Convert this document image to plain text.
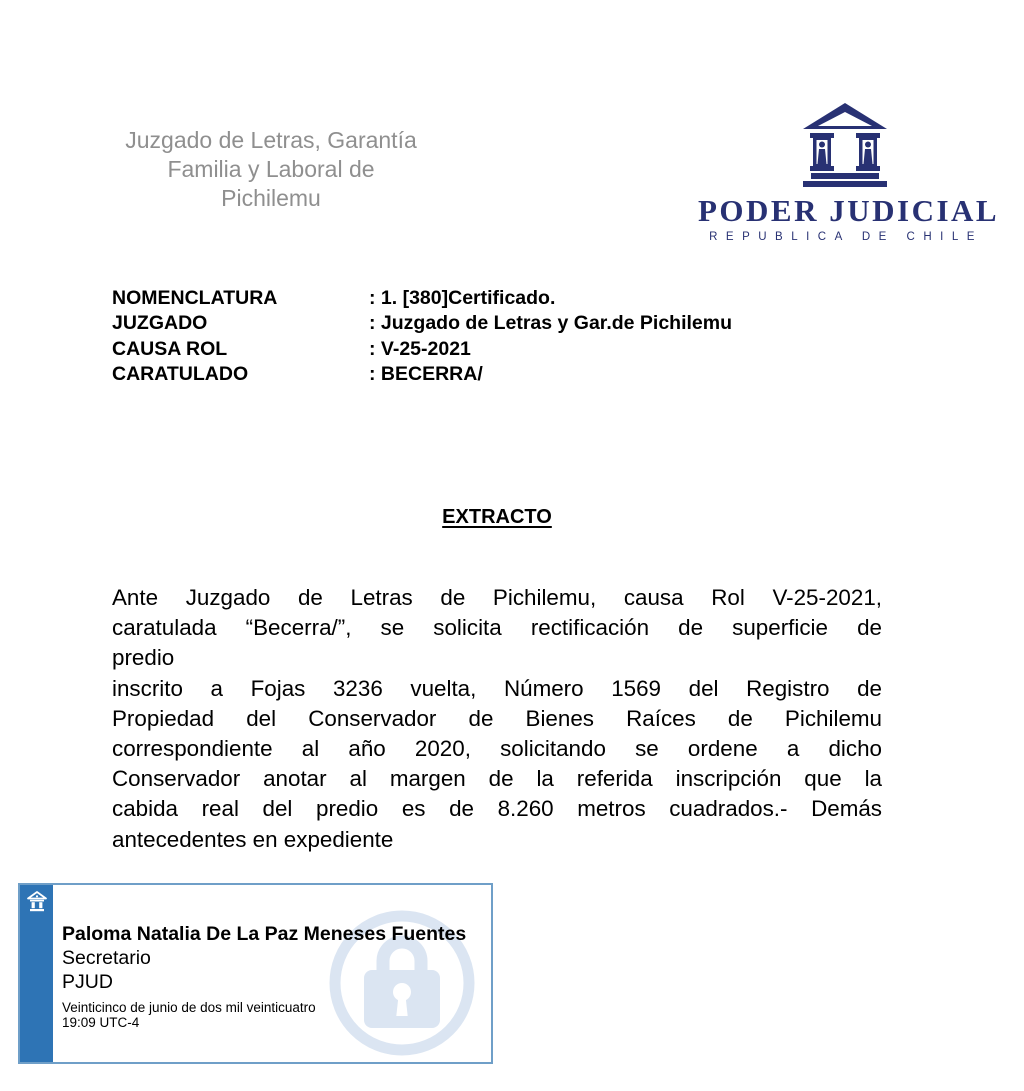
Juzgado de Letras, Garantía
Familia y Laboral de
Pichilemu	PODER JUDICIAL
REPUBLICA DE CHILE
NOMENCLATURA	: 1. [380]Certificado.
JUZGADO	: Juzgado de Letras y Gar.de Pichilemu
CAUSA ROL	: V-25-2021
CARATULADO	: BECERRA/
EXTRACTO
Ante Juzgado de Letras de Pichilemu, causa Rol V-25-2021,
caratulada “Becerra/”, se solicita rectificación de superficie de
predio
inscrito a Fojas 3236 vuelta, Número 1569 del Registro de
Propiedad del Conservador de Bienes Raíces de Pichilemu
correspondiente al año 2020, solicitando se ordene a dicho
Conservador anotar al margen de la referida inscripción que la
cabida real del predio es de 8.260 metros cuadrados.- Demás
antecedentes en expediente
Paloma Natalia De La Paz Meneses Fuentes
Secretario
PJUD
Veinticinco de junio de dos mil veinticuatro
19:09 UTC-4
